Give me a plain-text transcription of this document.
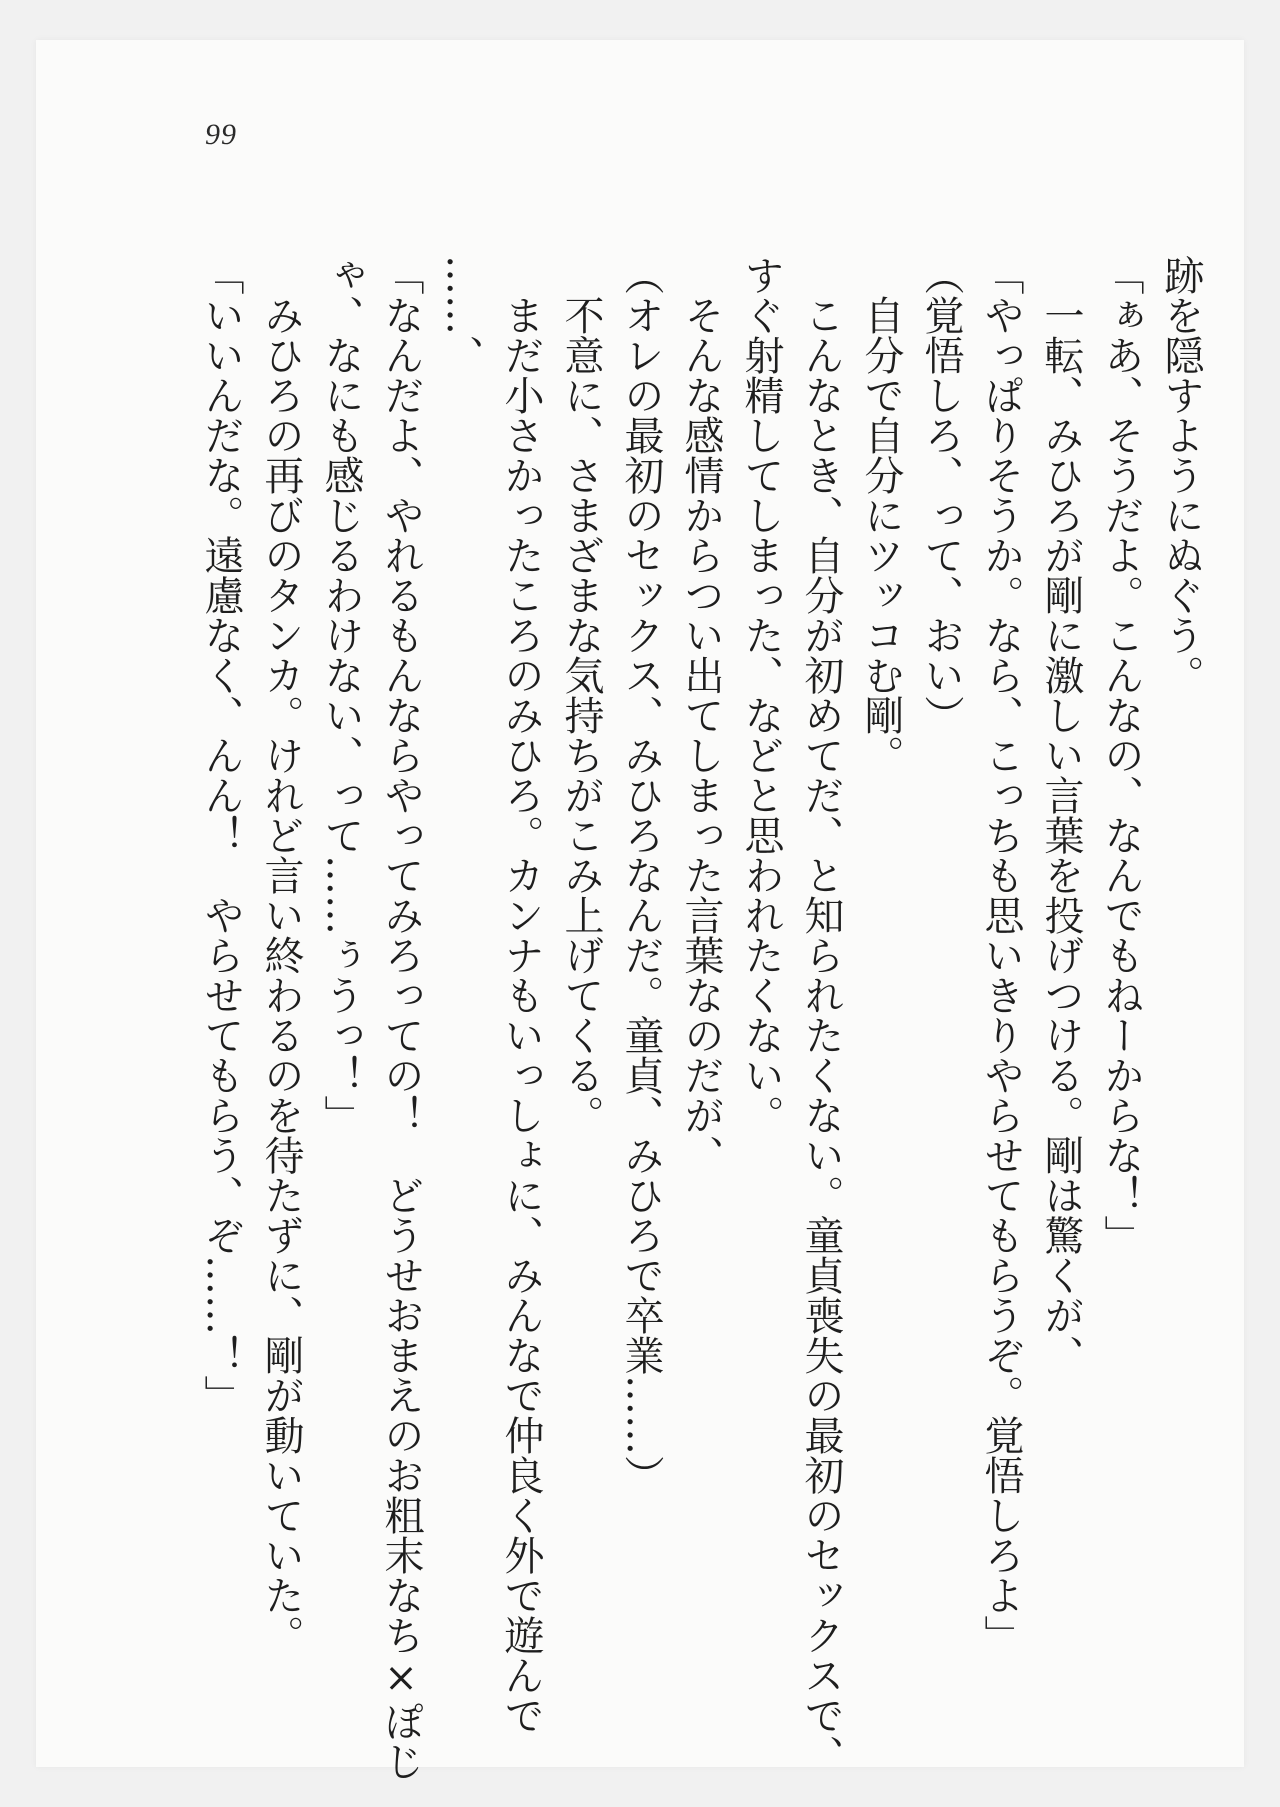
99
跡を隠すようにぬぐう。
「ぁあ、そうだよ。こんなの、なんでもねーからな！」
　一転、みひろが剛に激しい言葉を投げつける。剛は驚くが、
「やっぱりそうか。なら、こっちも思いきりやらせてもらうぞ。覚悟しろよ」
（覚悟しろ、って、おい）
　自分で自分にツッコむ剛。
　こんなとき、自分が初めてだ、と知られたくない。童貞喪失の最初のセックスで、
すぐ射精してしまった、などと思われたくない。
　そんな感情からつい出てしまった言葉なのだが、
（オレの最初のセックス、みひろなんだ。童貞、みひろで卒業……）
　不意に、さまざまな気持ちがこみ上げてくる。
　まだ小さかったころのみひろ。カンナもいっしょに、みんなで仲良く外で遊んで
……、
「なんだよ、やれるもんならやってみろっての！　どうせおまえのお粗末なち×ぽじ
ゃ、なにも感じるわけない、って……ぅうっ！」
　みひろの再びのタンカ。けれど言い終わるのを待たずに、剛が動いていた。
「いいんだな。遠慮なく、んん！　やらせてもらう、ぞ……！」
